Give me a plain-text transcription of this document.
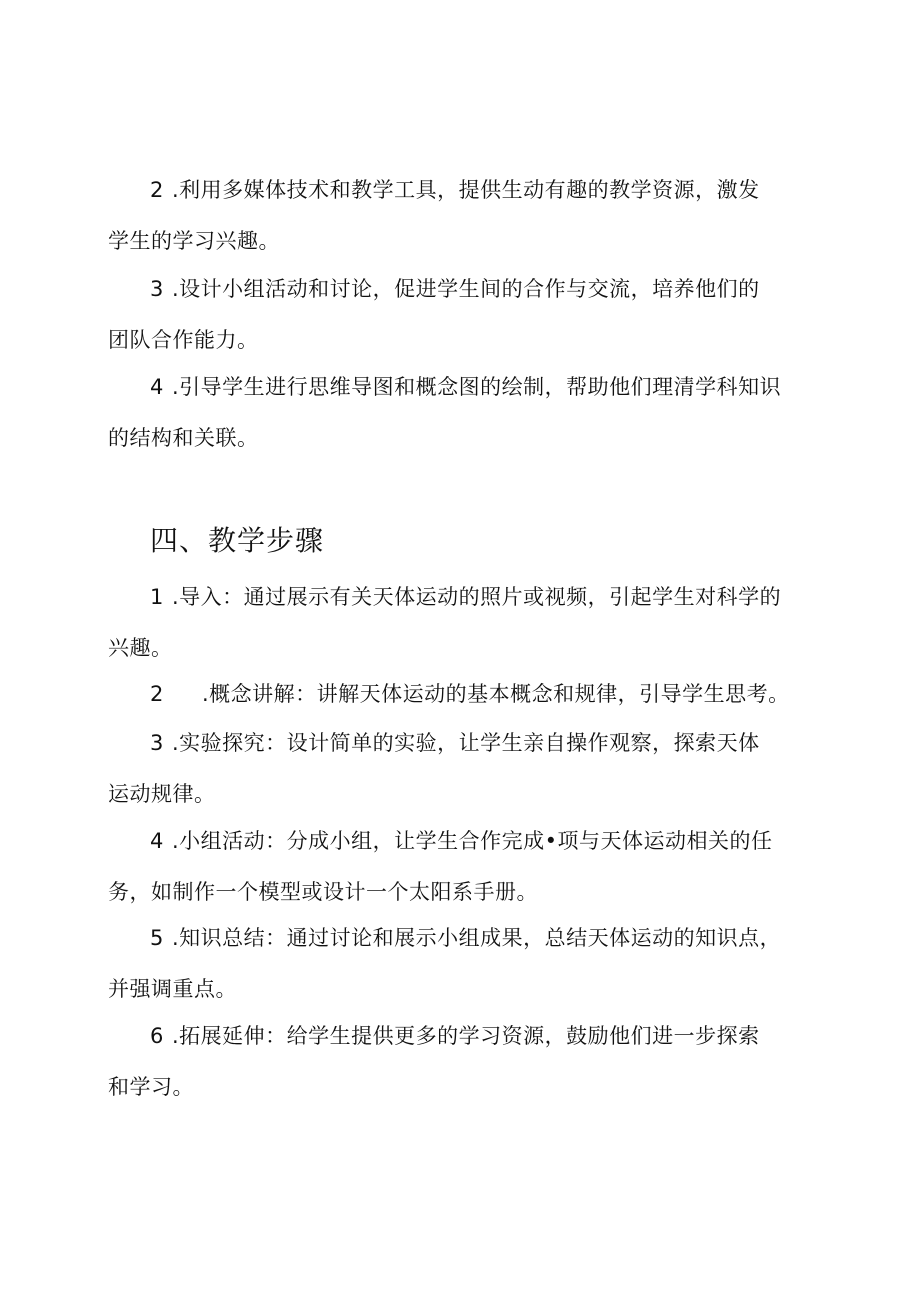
2 .利用多媒体技术和教学工具，提供生动有趣的教学资源，激发
学生的学习兴趣。

3 .设计小组活动和讨论，促进学生间的合作与交流，培养他们的
团队合作能力。

4 .引导学生进行思维导图和概念图的绘制，帮助他们理清学科知识
的结构和关联。

四、教学步骤

1 .导入：通过展示有关天体运动的照片或视频，引起学生对科学的
兴趣。

2 .概念讲解：讲解天体运动的基本概念和规律，引导学生思考。

3 .实验探究：设计简单的实验，让学生亲自操作观察，探索天体
运动规律。

4 .小组活动：分成小组，让学生合作完成•项与天体运动相关的任
务，如制作一个模型或设计一个太阳系手册。

5 .知识总结：通过讨论和展示小组成果，总结天体运动的知识点，
并强调重点。

6 .拓展延伸：给学生提供更多的学习资源，鼓励他们进一步探索
和学习。
